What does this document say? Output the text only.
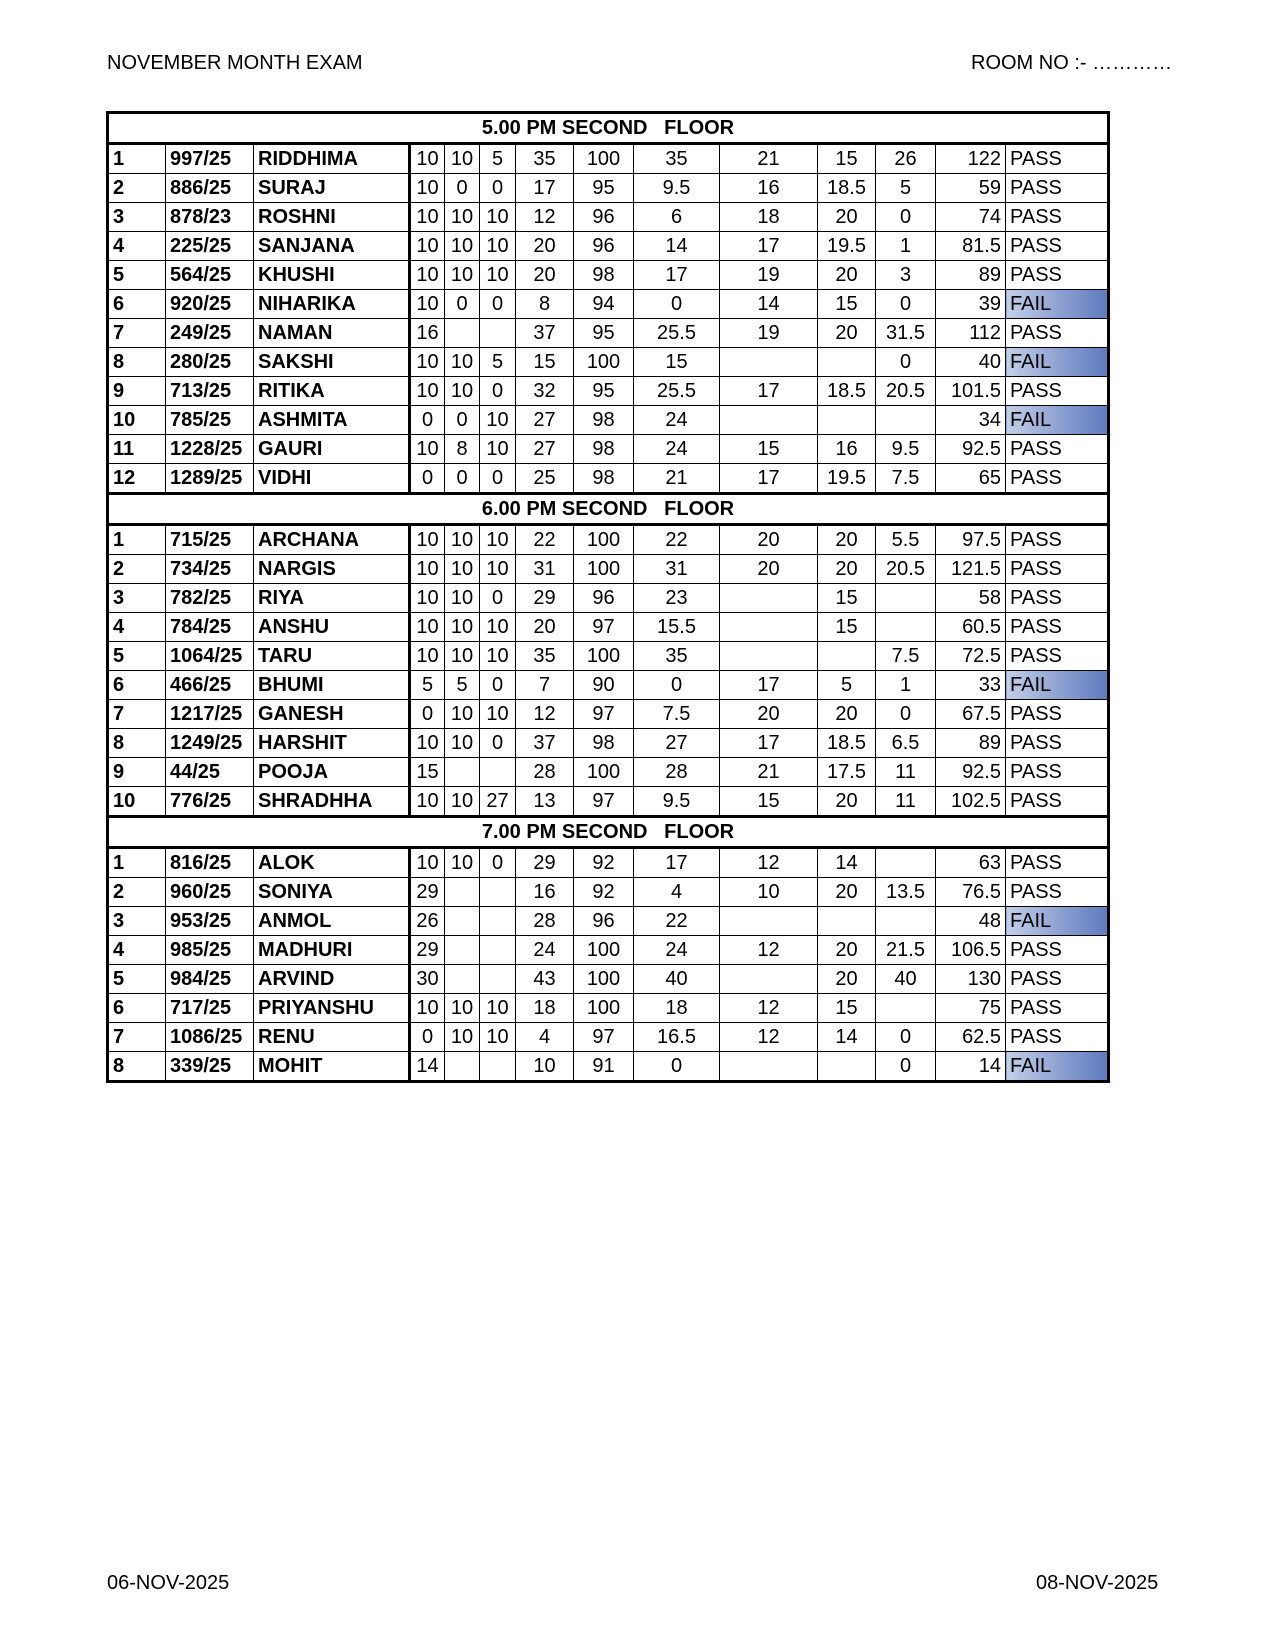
NOVEMBER MONTH EXAM	ROOM NO :- …………
5.00 PM SECOND   FLOOR													
1	997/25	RIDDHIMA	10	10	5	35	100	35	21	15	26	122	PASS
2	886/25	SURAJ	10	0	0	17	95	9.5	16	18.5	5	59	PASS
3	878/23	ROSHNI	10	10	10	12	96	6	18	20	0	74	PASS
4	225/25	SANJANA	10	10	10	20	96	14	17	19.5	1	81.5	PASS
5	564/25	KHUSHI	10	10	10	20	98	17	19	20	3	89	PASS
6	920/25	NIHARIKA	10	0	0	8	94	0	14	15	0	39	FAIL
7	249/25	NAMAN	16			37	95	25.5	19	20	31.5	112	PASS
8	280/25	SAKSHI	10	10	5	15	100	15			0	40	FAIL
9	713/25	RITIKA	10	10	0	32	95	25.5	17	18.5	20.5	101.5	PASS
10	785/25	ASHMITA	0	0	10	27	98	24				34	FAIL
11	1228/25	GAURI	10	8	10	27	98	24	15	16	9.5	92.5	PASS
12	1289/25	VIDHI	0	0	0	25	98	21	17	19.5	7.5	65	PASS
6.00 PM SECOND   FLOOR													
1	715/25	ARCHANA	10	10	10	22	100	22	20	20	5.5	97.5	PASS
2	734/25	NARGIS	10	10	10	31	100	31	20	20	20.5	121.5	PASS
3	782/25	RIYA	10	10	0	29	96	23		15		58	PASS
4	784/25	ANSHU	10	10	10	20	97	15.5		15		60.5	PASS
5	1064/25	TARU	10	10	10	35	100	35			7.5	72.5	PASS
6	466/25	BHUMI	5	5	0	7	90	0	17	5	1	33	FAIL
7	1217/25	GANESH	0	10	10	12	97	7.5	20	20	0	67.5	PASS
8	1249/25	HARSHIT	10	10	0	37	98	27	17	18.5	6.5	89	PASS
9	44/25	POOJA	15			28	100	28	21	17.5	11	92.5	PASS
10	776/25	SHRADHHA	10	10	27	13	97	9.5	15	20	11	102.5	PASS
7.00 PM SECOND   FLOOR													
1	816/25	ALOK	10	10	0	29	92	17	12	14		63	PASS
2	960/25	SONIYA	29			16	92	4	10	20	13.5	76.5	PASS
3	953/25	ANMOL	26			28	96	22				48	FAIL
4	985/25	MADHURI	29			24	100	24	12	20	21.5	106.5	PASS
5	984/25	ARVIND	30			43	100	40		20	40	130	PASS
6	717/25	PRIYANSHU	10	10	10	18	100	18	12	15		75	PASS
7	1086/25	RENU	0	10	10	4	97	16.5	12	14	0	62.5	PASS
8	339/25	MOHIT	14			10	91	0			0	14	FAIL
06-NOV-2025	08-NOV-2025
